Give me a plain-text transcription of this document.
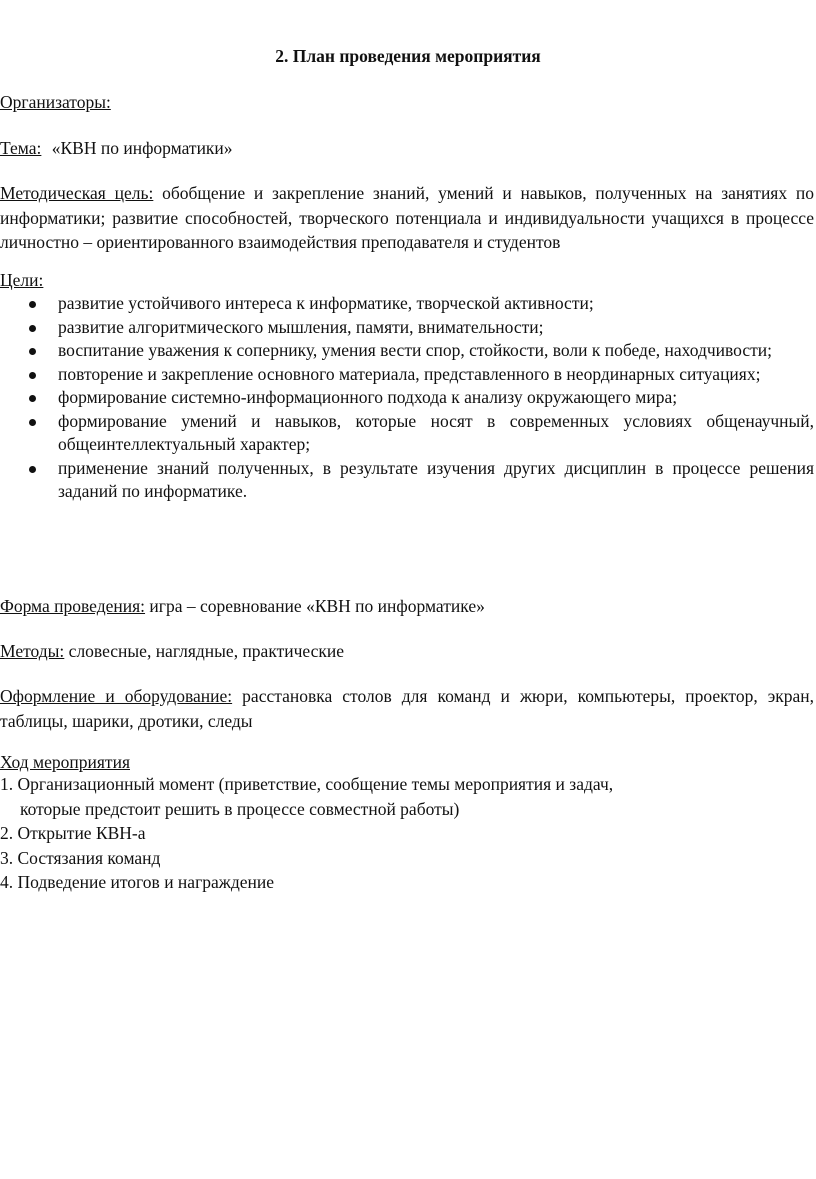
2. План проведения мероприятия
Организаторы:
Тема: «КВН по информатики»
Методическая цель: обобщение и закрепление знаний, умений и навыков, полученных на занятиях по информатики; развитие способностей, творческого потенциала и индивидуальности учащихся в процессе личностно – ориентированного взаимодействия преподавателя и студентов
Цели:
развитие устойчивого интереса к информатике, творческой активности;
развитие алгоритмического мышления, памяти, внимательности;
воспитание уважения к сопернику, умения вести спор, стойкости, воли к победе, находчивости;
повторение и закрепление основного материала, представленного в неординарных ситуациях;
формирование системно-информационного подхода к анализу окружающего мира;
формирование умений и навыков, которые носят в современных условиях общенаучный, общеинтеллектуальный характер;
применение знаний полученных, в результате изучения других дисциплин в процессе решения заданий по информатике.
Форма проведения: игра – соревнование «КВН по информатике»
Методы: словесные, наглядные, практические
Оформление и оборудование: расстановка столов для команд и жюри, компьютеры, проектор, экран, таблицы, шарики, дротики, следы
Ход мероприятия
1. Организационный момент (приветствие, сообщение темы мероприятия и задач,
которые предстоит решить в процессе совместной работы)
2. Открытие КВН-а
3. Состязания команд
4. Подведение итогов и награждение
